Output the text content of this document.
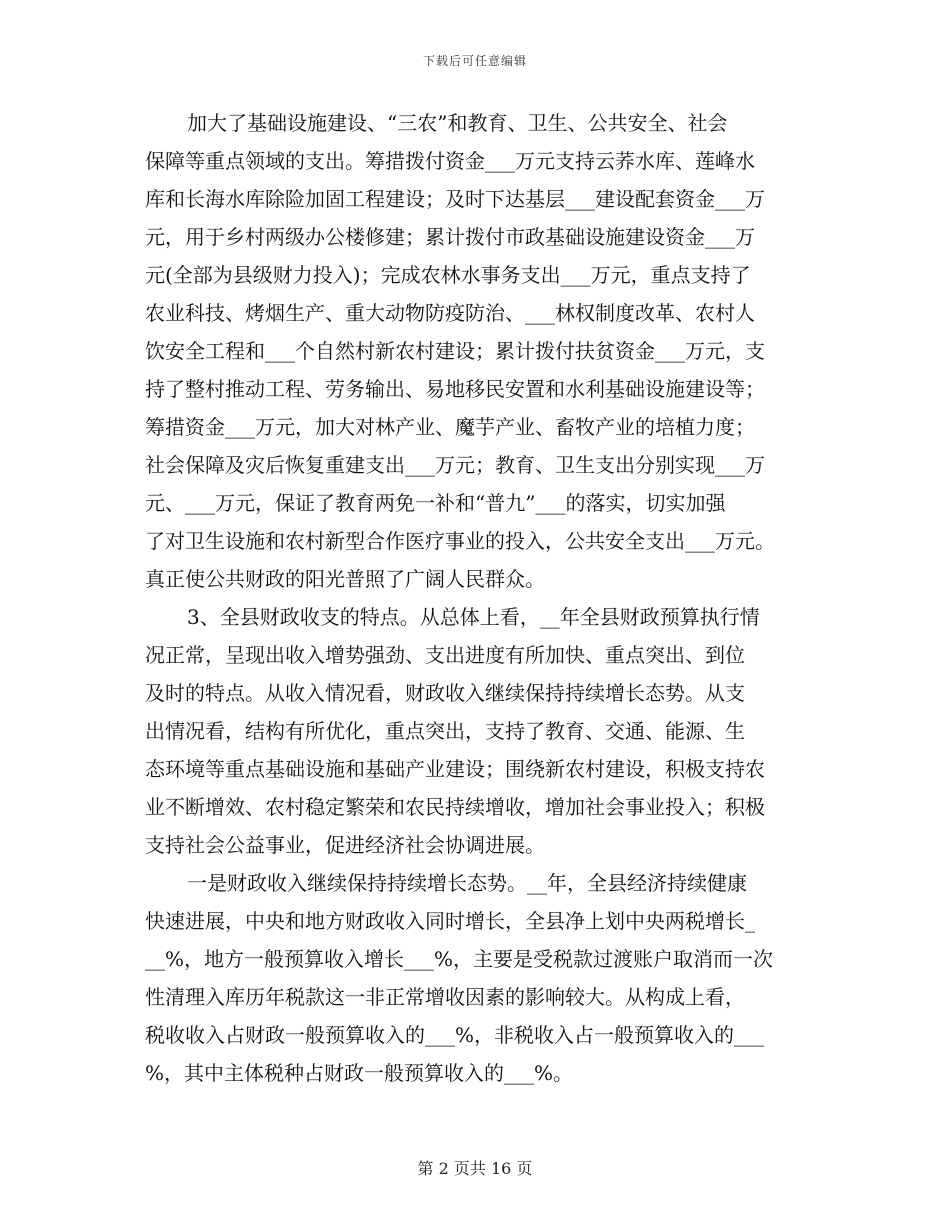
下载后可任意编辑
加大了基础设施建设、“三农”和教育、卫生、公共安全、社会
保障等重点领域的支出。筹措拨付资金___万元支持云荞水库、莲峰水
库和长海水库除险加固工程建设；及时下达基层___建设配套资金___万
元，用于乡村两级办公楼修建；累计拨付市政基础设施建设资金___万
元(全部为县级财力投入)；完成农林水事务支出___万元，重点支持了
农业科技、烤烟生产、重大动物防疫防治、___林权制度改革、农村人
饮安全工程和___个自然村新农村建设；累计拨付扶贫资金___万元，支
持了整村推动工程、劳务输出、易地移民安置和水利基础设施建设等；
筹措资金___万元，加大对林产业、魔芋产业、畜牧产业的培植力度；
社会保障及灾后恢复重建支出___万元；教育、卫生支出分别实现___万
元、___万元，保证了教育两免一补和“普九”___的落实，切实加强
了对卫生设施和农村新型合作医疗事业的投入，公共安全支出___万元。
真正使公共财政的阳光普照了广阔人民群众。
3、全县财政收支的特点。从总体上看，__年全县财政预算执行情
况正常，呈现出收入增势强劲、支出进度有所加快、重点突出、到位
及时的特点。从收入情况看，财政收入继续保持持续增长态势。从支
出情况看，结构有所优化，重点突出，支持了教育、交通、能源、生
态环境等重点基础设施和基础产业建设；围绕新农村建设，积极支持农
业不断增效、农村稳定繁荣和农民持续增收，增加社会事业投入；积极
支持社会公益事业，促进经济社会协调进展。
一是财政收入继续保持持续增长态势。__年，全县经济持续健康
快速进展，中央和地方财政收入同时增长，全县净上划中央两税增长_
__%，地方一般预算收入增长___%，主要是受税款过渡账户取消而一次
性清理入库历年税款这一非正常增收因素的影响较大。从构成上看，
税收收入占财政一般预算收入的___%，非税收入占一般预算收入的___
%，其中主体税种占财政一般预算收入的___%。
第 2 页共 16 页
